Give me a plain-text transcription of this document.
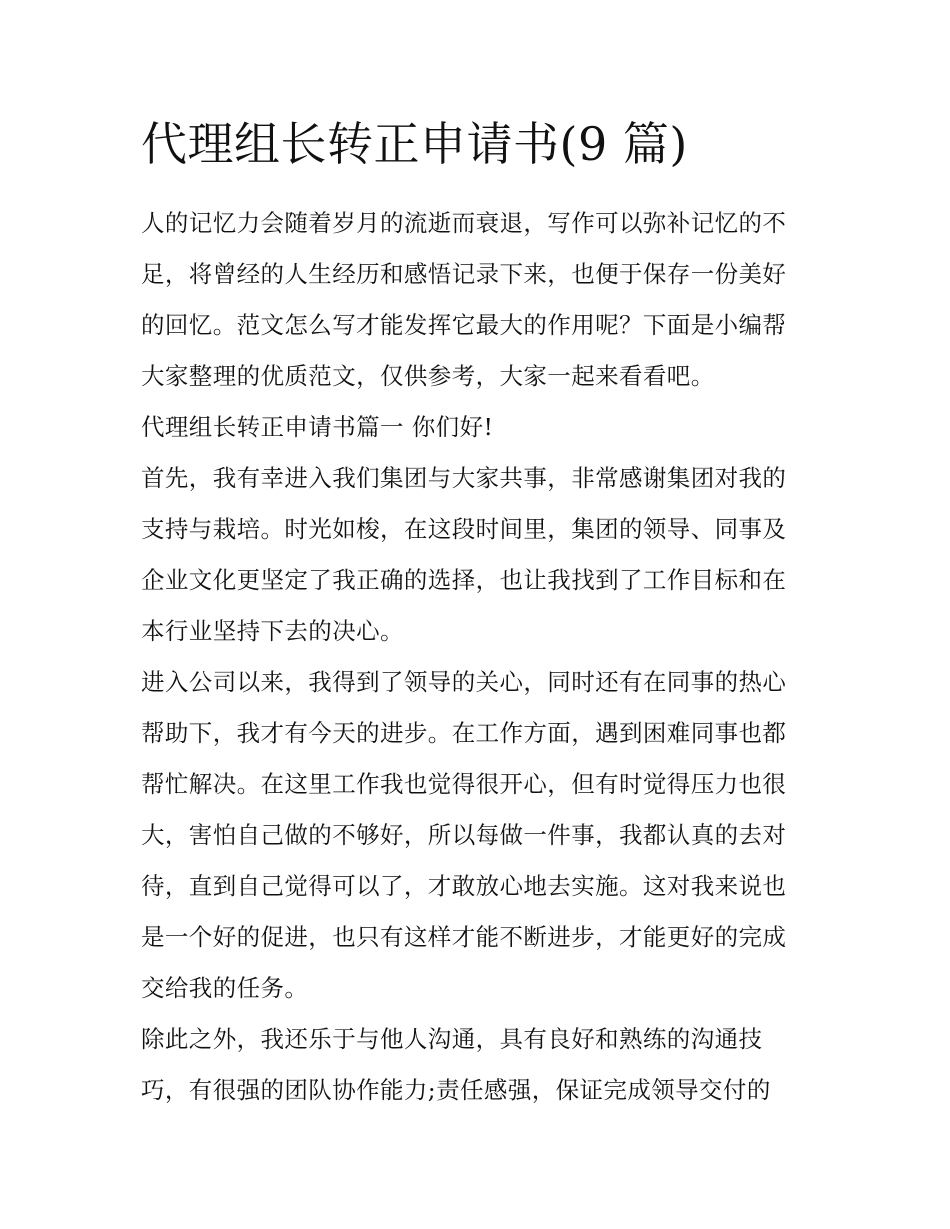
代理组长转正申请书(9 篇)

人的记忆力会随着岁月的流逝而衰退，写作可以弥补记忆的不
足，将曾经的人生经历和感悟记录下来，也便于保存一份美好
的回忆。范文怎么写才能发挥它最大的作用呢？下面是小编帮
大家整理的优质范文，仅供参考，大家一起来看看吧。

代理组长转正申请书篇一 你们好!

首先，我有幸进入我们集团与大家共事，非常感谢集团对我的
支持与栽培。时光如梭，在这段时间里，集团的领导、同事及
企业文化更坚定了我正确的选择，也让我找到了工作目标和在
本行业坚持下去的决心。

进入公司以来，我得到了领导的关心，同时还有在同事的热心
帮助下，我才有今天的进步。在工作方面，遇到困难同事也都
帮忙解决。在这里工作我也觉得很开心，但有时觉得压力也很
大，害怕自己做的不够好，所以每做一件事，我都认真的去对
待，直到自己觉得可以了，才敢放心地去实施。这对我来说也
是一个好的促进，也只有这样才能不断进步，才能更好的完成
交给我的任务。

除此之外，我还乐于与他人沟通，具有良好和熟练的沟通技
巧，有很强的团队协作能力;责任感强，保证完成领导交付的
